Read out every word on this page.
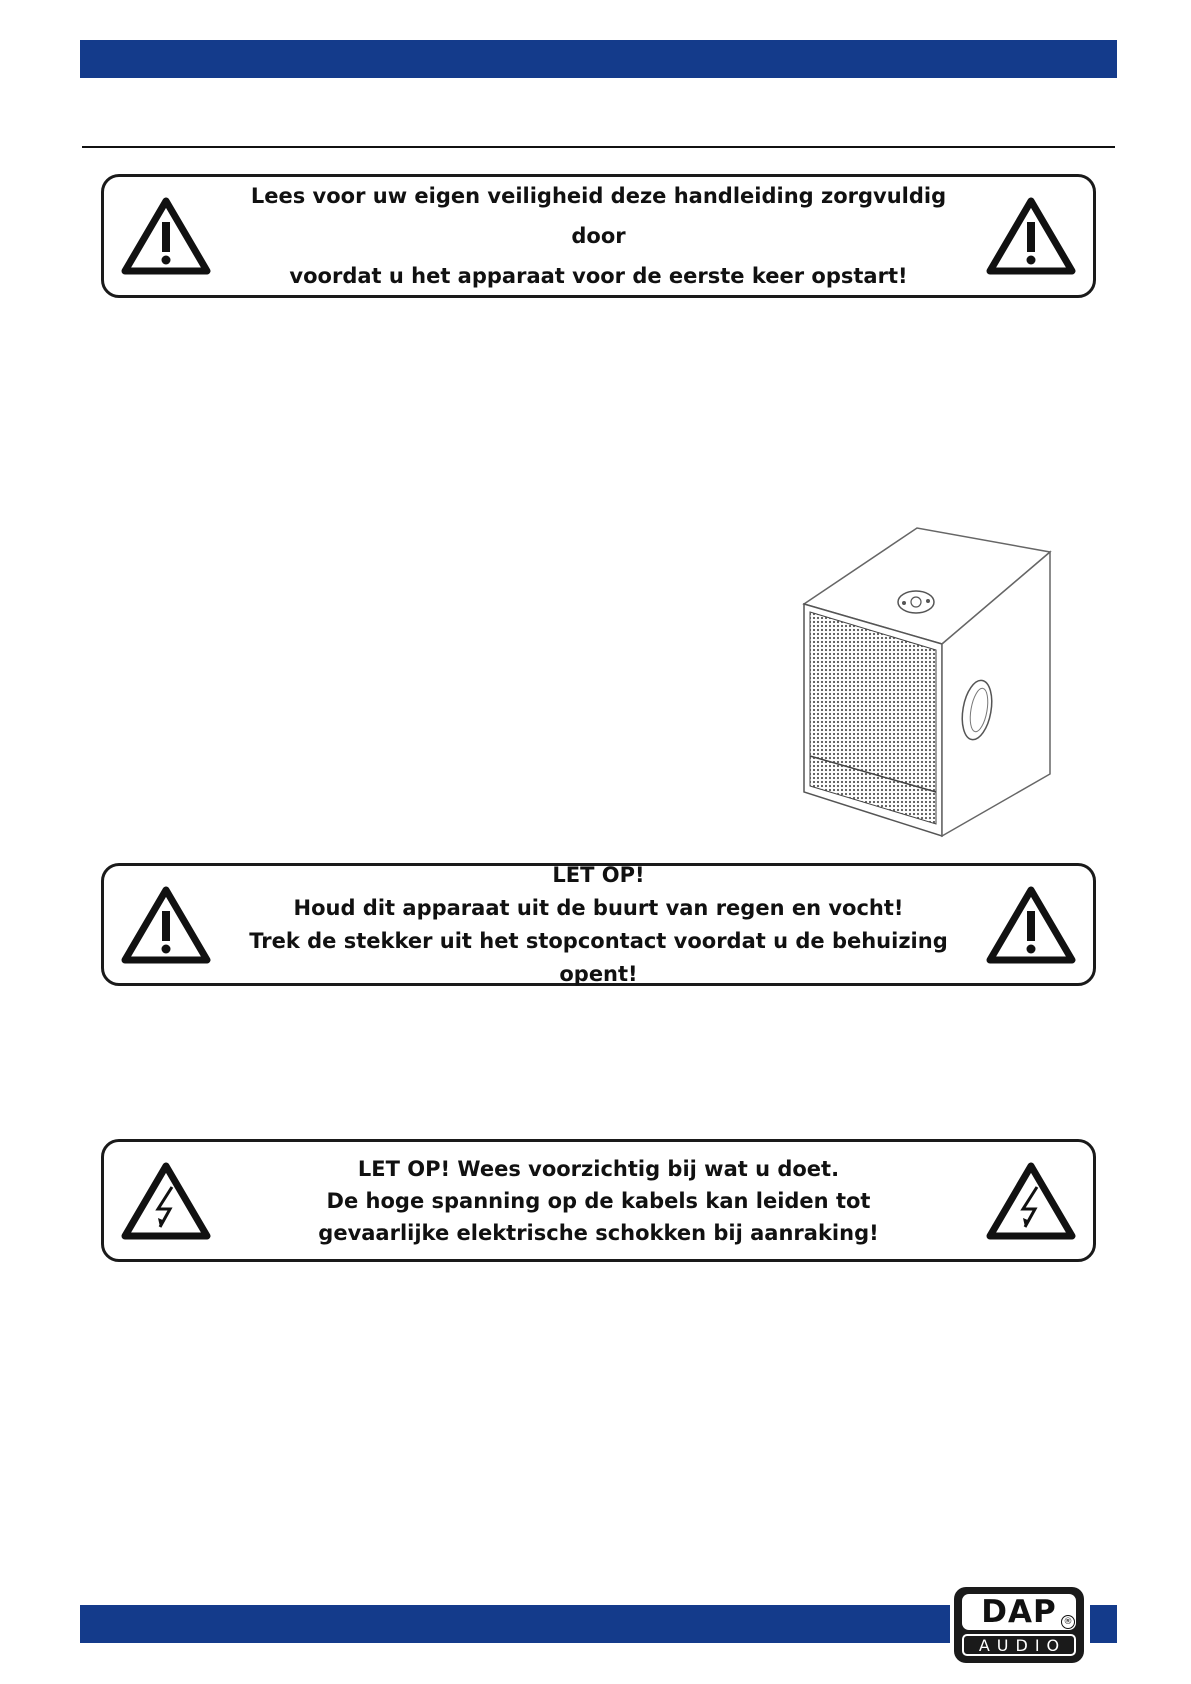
Lees voor uw eigen veiligheid deze handleiding zorgvuldig door
voordat u het apparaat voor de eerste keer opstart!
LET OP!
Houd dit apparaat uit de buurt van regen en vocht!
Trek de stekker uit het stopcontact voordat u de behuizing opent!
LET OP! Wees voorzichtig bij wat u doet.
De hoge spanning op de kabels kan leiden tot
gevaarlijke elektrische schokken bij aanraking!
DAP ®
AUDIO
